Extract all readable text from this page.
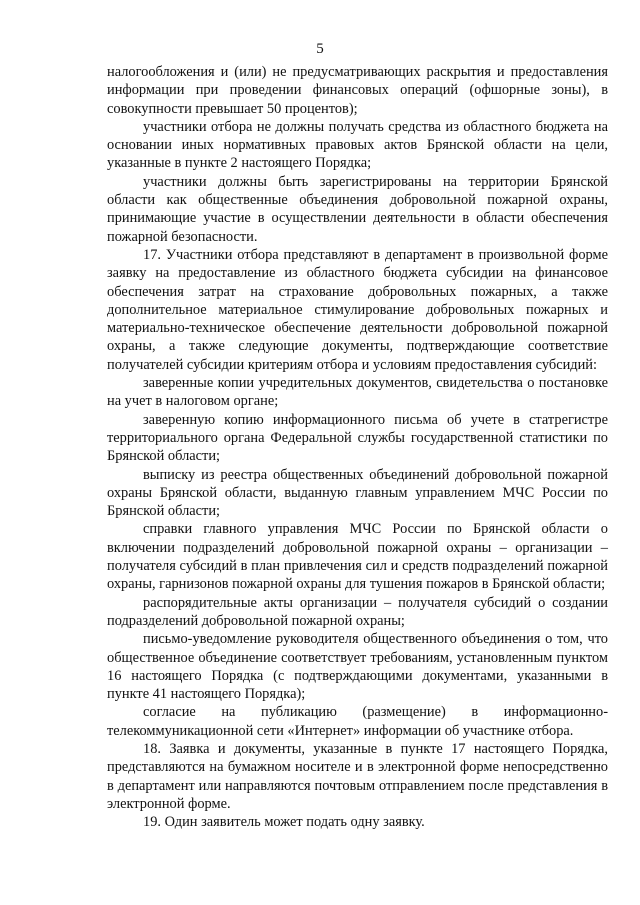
5

налогообложения и (или) не предусматривающих раскрытия и предоставления информации при проведении финансовых операций (офшорные зоны), в совокупности превышает 50 процентов);

участники отбора не должны получать средства из областного бюджета на основании иных нормативных правовых актов Брянской области на цели, указанные в пункте 2 настоящего Порядка;

участники должны быть зарегистрированы на территории Брянской области как общественные объединения добровольной пожарной охраны, принимающие участие в осуществлении деятельности в области обеспечения пожарной безопасности.

17. Участники отбора представляют в департамент в произвольной форме заявку на предоставление из областного бюджета субсидии на финансовое обеспечения затрат на страхование добровольных пожарных, а также дополнительное материальное стимулирование добровольных пожарных и материально-техническое обеспечение деятельности добровольной пожарной охраны, а также следующие документы, подтверждающие соответствие получателей субсидии критериям отбора и условиям предоставления субсидий:

заверенные копии учредительных документов, свидетельства о постановке на учет в налоговом органе;

заверенную копию информационного письма об учете в статрегистре территориального органа Федеральной службы государственной статистики по Брянской области;

выписку из реестра общественных объединений добровольной пожарной охраны Брянской области, выданную главным управлением МЧС России по Брянской области;

справки главного управления МЧС России по Брянской области о включении подразделений добровольной пожарной охраны – организации – получателя субсидий в план привлечения сил и средств подразделений пожарной охраны, гарнизонов пожарной охраны для тушения пожаров в Брянской области;

распорядительные акты организации – получателя субсидий о создании подразделений добровольной пожарной охраны;

письмо-уведомление руководителя общественного объединения о том, что общественное объединение соответствует требованиям, установленным пунктом 16 настоящего Порядка (с подтверждающими документами, указанными в пункте 41 настоящего Порядка);

согласие на публикацию (размещение) в информационно-телекоммуникационной сети «Интернет» информации об участнике отбора.

18. Заявка и документы, указанные в пункте 17 настоящего Порядка, представляются на бумажном носителе и в электронной форме непосредственно в департамент или направляются почтовым отправлением после представления в электронной форме.

19. Один заявитель может подать одну заявку.
